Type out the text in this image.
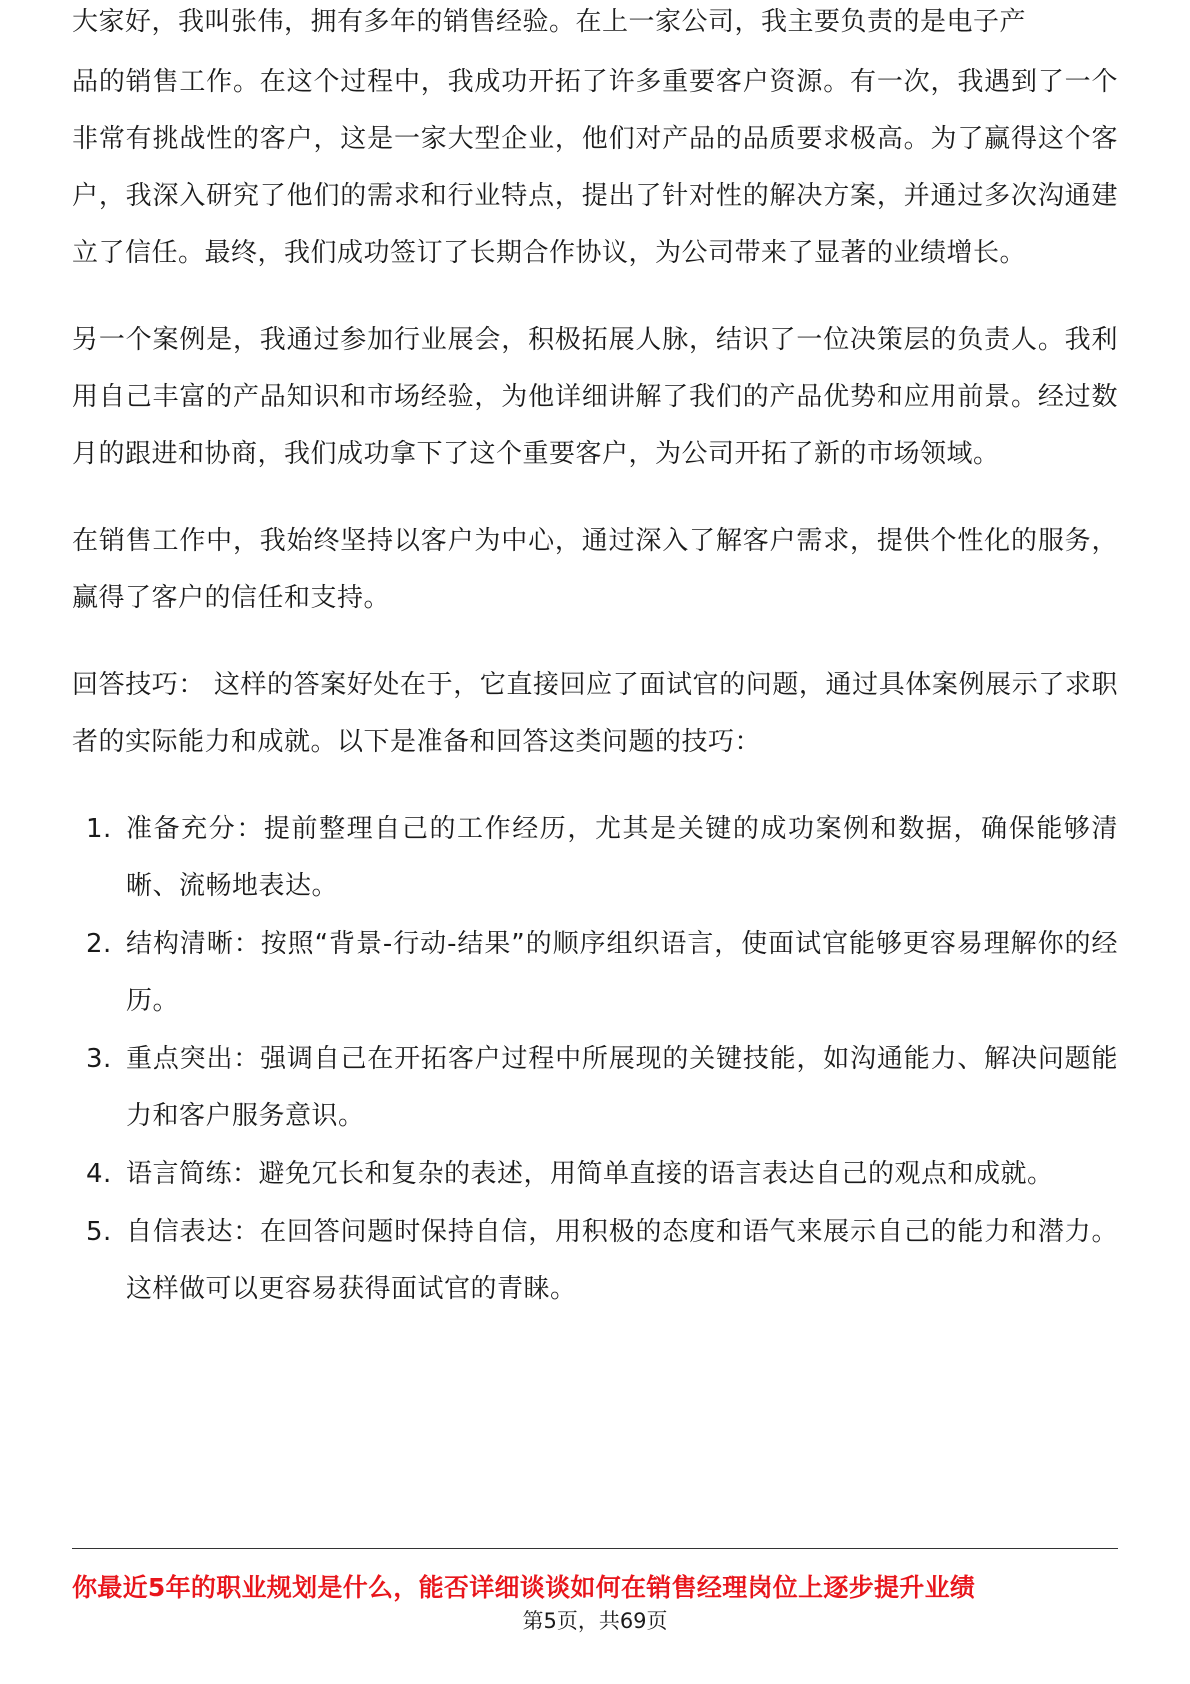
大家好，我叫张伟，拥有多年的销售经验。在上一家公司，我主要负责的是电子产

品的销售工作。在这个过程中，我成功开拓了许多重要客户资源。有一次，我遇到了一个非常有挑战性的客户，这是一家大型企业，他们对产品的品质要求极高。为了赢得这个客户，我深入研究了他们的需求和行业特点，提出了针对性的解决方案，并通过多次沟通建立了信任。最终，我们成功签订了长期合作协议，为公司带来了显著的业绩增长。

另一个案例是，我通过参加行业展会，积极拓展人脉，结识了一位决策层的负责人。我利用自己丰富的产品知识和市场经验，为他详细讲解了我们的产品优势和应用前景。经过数月的跟进和协商，我们成功拿下了这个重要客户，为公司开拓了新的市场领域。

在销售工作中，我始终坚持以客户为中心，通过深入了解客户需求，提供个性化的服务，赢得了客户的信任和支持。

回答技巧： 这样的答案好处在于，它直接回应了面试官的问题，通过具体案例展示了求职者的实际能力和成就。以下是准备和回答这类问题的技巧：

1. 准备充分：提前整理自己的工作经历，尤其是关键的成功案例和数据，确保能够清晰、流畅地表达。
2. 结构清晰：按照“背景-行动-结果”的顺序组织语言，使面试官能够更容易理解你的经历。
3. 重点突出：强调自己在开拓客户过程中所展现的关键技能，如沟通能力、解决问题能力和客户服务意识。
4. 语言简练：避免冗长和复杂的表述，用简单直接的语言表达自己的观点和成就。
5. 自信表达：在回答问题时保持自信，用积极的态度和语气来展示自己的能力和潜力。这样做可以更容易获得面试官的青睐。
你最近5年的职业规划是什么，能否详细谈谈如何在销售经理岗位上逐步提升业绩
第5页，共69页
